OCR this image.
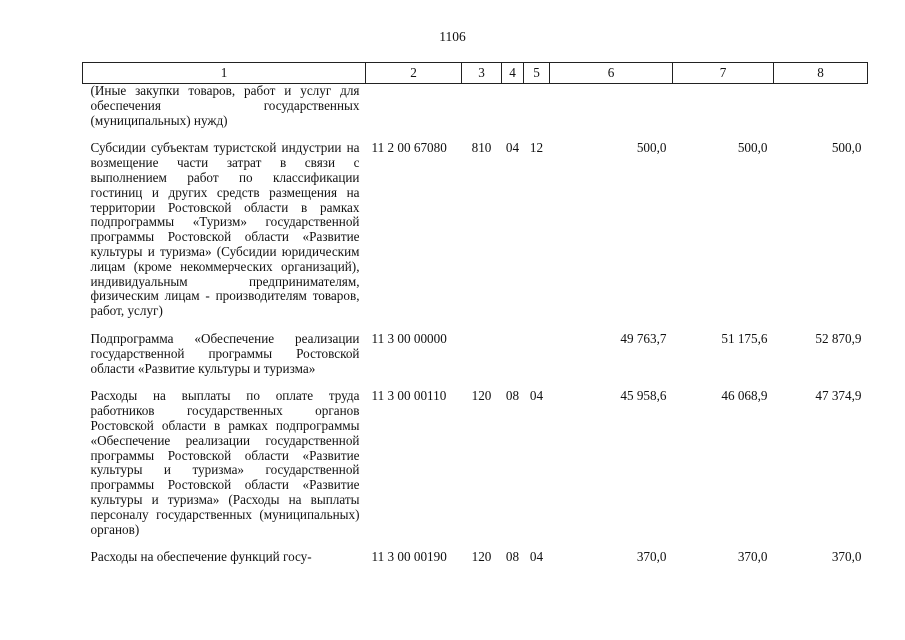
1106
1	2	3	4	5	6	7	8
(Иные закупки товаров, работ и услуг для обеспечения государственных (муниципальных) нужд)							
Субсидии субъектам туристской индустрии на возмещение части затрат в связи с выполнением работ по классификации гостиниц и других средств размещения на территории Ростовской области в рамках подпрограммы «Туризм» государственной программы Ростовской области «Развитие культуры и туризма» (Субсидии юридическим лицам (кроме некоммерческих организаций), индивидуальным предпринимателям, физическим лицам - производителям товаров, работ, услуг)	11 2 00 67080	810	04	12	500,0	500,0	500,0
Подпрограмма «Обеспечение реализации государственной программы Ростовской области «Развитие культуры и туризма»	11 3 00 00000				49 763,7	51 175,6	52 870,9
Расходы на выплаты по оплате труда работников государственных органов Ростовской области в рамках подпрограммы «Обеспечение реализации государственной программы Ростовской области «Развитие культуры и туризма» государственной программы Ростовской области «Развитие культуры и туризма» (Расходы на выплаты персоналу государственных (муниципальных) органов)	11 3 00 00110	120	08	04	45 958,6	46 068,9	47 374,9
Расходы на обеспечение функций госу-	11 3 00 00190	120	08	04	370,0	370,0	370,0
